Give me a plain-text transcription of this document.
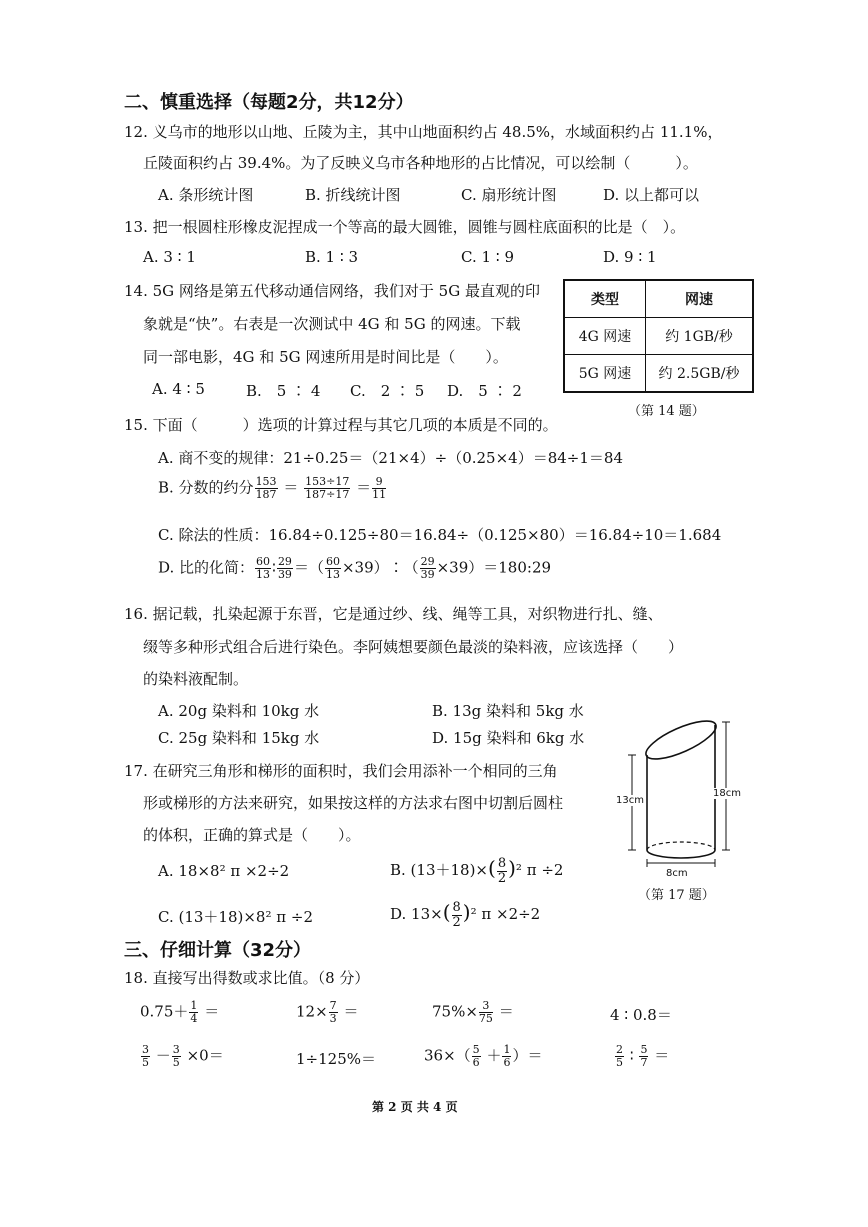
二、慎重选择（每题2分，共12分）
12. 义乌市的地形以山地、丘陵为主，其中山地面积约占 48.5%，水域面积约占 11.1%，
丘陵面积约占 39.4%。为了反映义乌市各种地形的占比情况，可以绘制（　　　）。
A. 条形统计图	B. 折线统计图	C. 扇形统计图	D. 以上都可以
13. 把一根圆柱形橡皮泥捏成一个等高的最大圆锥，圆锥与圆柱底面积的比是（　）。
A. 3 ∶ 1	B. 1 ∶ 3	C. 1 ∶ 9	D. 9 ∶ 1
14. 5G 网络是第五代移动通信网络，我们对于 5G 最直观的印
象就是“快”。右表是一次测试中 4G 和 5G 的网速。下载
同一部电影，4G 和 5G 网速所用是时间比是（　　）。
A. 4 ∶ 5	B.　5 ∶ 4 C.　2 ∶ 5 D.　5 ∶ 2
类型	网速
4G 网速	约 1GB/秒
5G 网速	约 2.5GB/秒
（第 14 题）
15. 下面（　　　）选项的计算过程与其它几项的本质是不同的。
A. 商不变的规律：21÷0.25＝（21×4）÷（0.25×4）＝84÷1＝84
B. 分数的约分 $\frac{153}{187} = \frac{153\div 17}{187\div 17} = \frac{9}{11}$
C. 除法的性质：16.84÷0.125÷80＝16.84÷（0.125×80）＝16.84÷10＝1.684
D. 比的化简： $\frac{60}{13}$ ∶ $\frac{29}{39}$ ＝（ $\frac{60}{13}$ ×39）∶（ $\frac{29}{39}$ ×39）＝180:29
16. 据记载，扎染起源于东晋，它是通过纱、线、绳等工具，对织物进行扎、缝、
缀等多种形式组合后进行染色。李阿姨想要颜色最淡的染料液，应该选择（　　）
的染料液配制。
A. 20g 染料和 10kg 水	B. 13g 染料和 5kg 水
C. 25g 染料和 15kg 水	D. 15g 染料和 6kg 水
17. 在研究三角形和梯形的面积时，我们会用添补一个相同的三角
形或梯形的方法来研究，如果按这样的方法求右图中切割后圆柱
的体积，正确的算式是（　　）。
A. 18×8² π ×2÷2	B. $(13+18)\times( \frac{8}{2} )^2$ π ÷2
C. (13＋18)×8² π ÷2	D. $13\times( \frac{8}{2} )^2$ π ×2÷2
13cm
18cm
8cm
（第 17 题）
三、仔细计算（32分）
18. 直接写出得数或求比值。（8 分）
$0.75+ \frac{1}{4}$ ＝	$12\times \frac{7}{3}$ ＝	$75\%\times \frac{3}{75}$ ＝	4 ∶ 0.8＝
$\frac{3}{5} - \frac{3}{5} \times 0=$	1÷125%＝	$36\times( \frac{5}{6} + \frac{1}{6}$ ）＝	$\frac{2}{5}$ ∶ $\frac{5}{7}$ ＝
第 2 页 共 4 页
